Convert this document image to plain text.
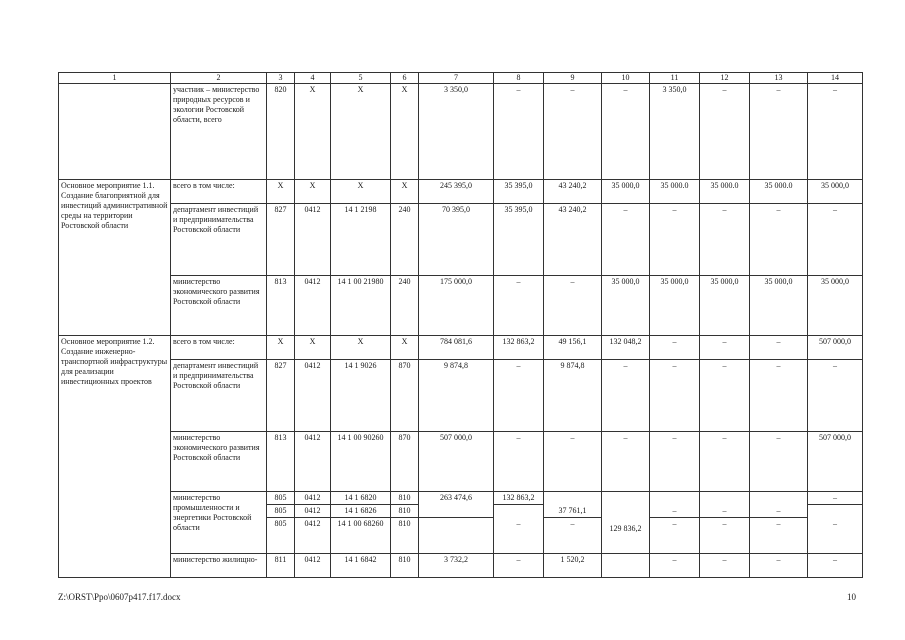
1	2	3	4	5	6	7	8	9	10	11	12	13	14
	участник – министерство природных ресурсов и экологии Ростовской области, всего	820	Х	Х	Х	3 350,0	–	–	–	3 350,0	–	–	–
Основное мероприятие 1.1. Создание благоприятной для инвестиций административной среды на территории Ростовской области	всего в том числе:	Х	Х	Х	Х	245 395,0	35 395,0	43 240,2	35 000,0	35 000.0	35 000.0	35 000.0	35 000,0
	департамент инвестиций и предпринимательства Ростовской области	827	0412	14 1 2198	240	70 395,0	35 395,0	43 240,2	–	–	–	–	–
	министерство экономического развития Ростовской области	813	0412	14 1 00 21980	240	175 000,0	–	–	35 000,0	35 000,0	35 000,0	35 000,0	35 000,0
Основное мероприятие 1.2. Создание инженерно-транспортной инфраструктуры для реализации инвестиционных проектов	всего в том числе:	Х	Х	Х	Х	784 081,6	132 863,2	49 156,1	132 048,2	–	–	–	507 000,0
	департамент инвестиций и предпринимательства Ростовской области	827	0412	14 1 9026	870	9 874,8	–	9 874,8	–	–	–	–	–
	министерство экономического развития Ростовской области	813	0412	14 1 00 90260	870	507 000,0	–	–	–	–	–	–	507 000,0
	министерство промышленности и энергетики Ростовской области	805	0412	14 1 6820	810	263 474,6	132 863,2						–
		805	0412	14 1 6826	810			37 761,1	129 836,2	–	–	–	
		805	0412	14 1 00 68260	810		–	–		–	–	–	–
	министерство жилищно-	811	0412	14 1 6842	810	3 732,2	–	1 520,2		–	–	–	–
Z:\ORST\Ppo\0607p417.f17.docx	10
